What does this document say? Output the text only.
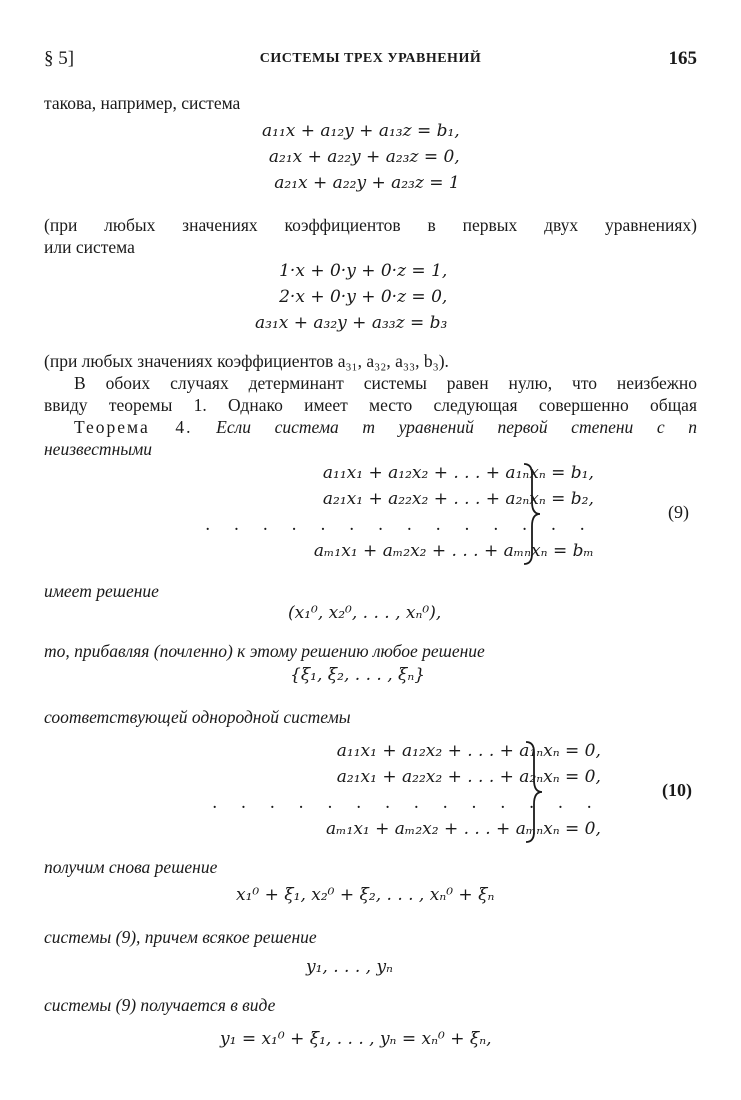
§ 5]	СИСТЕМЫ ТРЕХ УРАВНЕНИЙ	165
такова, например, система
a₁₁x + a₁₂y + a₁₃z = b₁,
a₂₁x + a₂₂y + a₂₃z = 0,
a₂₁x + a₂₂y + a₂₃z = 1
(при любых значениях коэффициентов в первых двух уравнениях)
или система
1·x + 0·y + 0·z = 1,
2·x + 0·y + 0·z = 0,
a₃₁x + a₃₂y + a₃₃z = b₃
(при любых значениях коэффициентов a₃₁, a₃₂, a₃₃, b₃).
В обоих случаях детерминант системы равен нулю, что неизбежно
ввиду теоремы 1. Однако имеет место следующая совершенно общая
Теорема 4. Если система m уравнений первой степени с n
неизвестными
a₁₁x₁ + a₁₂x₂ + . . . + a₁ₙxₙ = b₁,
a₂₁x₁ + a₂₂x₂ + . . . + a₂ₙxₙ = b₂,
. . . . . . . . . . . . . .
aₘ₁x₁ + aₘ₂x₂ + . . . + aₘₙxₙ = bₘ
(9)
имеет решение
(x₁⁰, x₂⁰, . . . , xₙ⁰),
то, прибавляя (почленно) к этому решению любое решение
{ξ₁, ξ₂, . . . , ξₙ}
соответствующей однородной системы
a₁₁x₁ + a₁₂x₂ + . . . + a₁ₙxₙ = 0,
a₂₁x₁ + a₂₂x₂ + . . . + a₂ₙxₙ = 0,
. . . . . . . . . . . . . .
aₘ₁x₁ + aₘ₂x₂ + . . . + aₘₙxₙ = 0,
(10)
получим снова решение
x₁⁰ + ξ₁, x₂⁰ + ξ₂, . . . , xₙ⁰ + ξₙ
системы (9), причем всякое решение
y₁, . . . , yₙ
системы (9) получается в виде
y₁ = x₁⁰ + ξ₁, . . . , yₙ = xₙ⁰ + ξₙ,
